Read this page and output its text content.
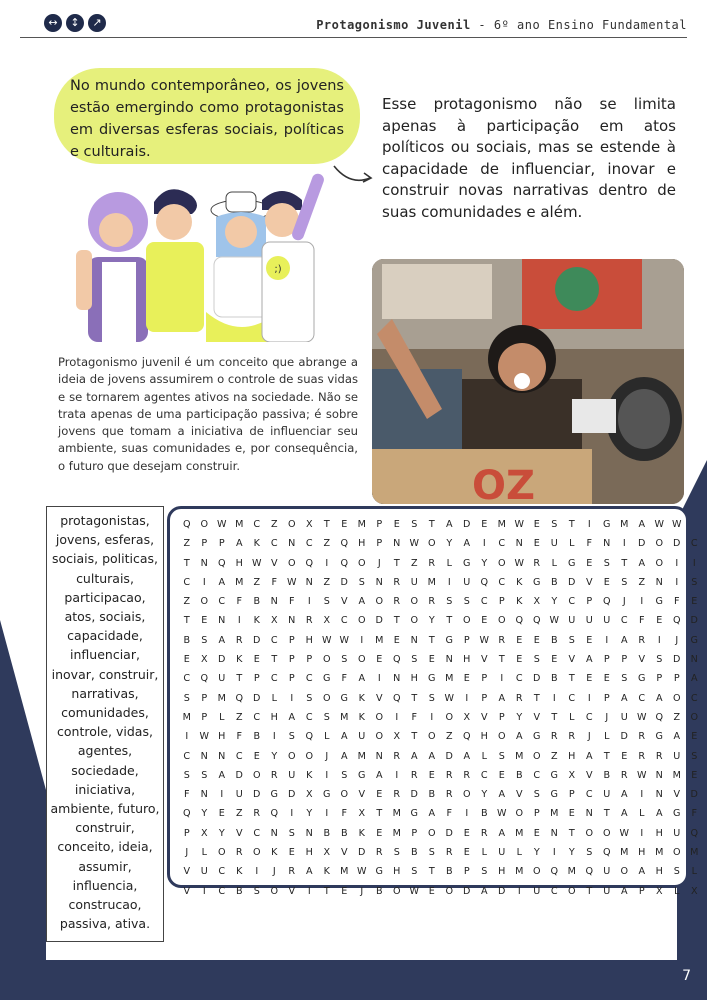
↔	↕	↗	Protagonismo Juvenil - 6º ano Ensino Fundamental
No mundo contemporâneo, os jovens estão emergindo como protagonistas em diversas esferas sociais, políticas e culturais.
Esse protagonismo não se limita apenas à participação em atos políticos ou sociais, mas se estende à capacidade de influenciar, inovar e construir novas narrativas dentro de suas comunidades e além.
;)
OZ
Protagonismo juvenil é um conceito que abrange a ideia de jovens assumirem o controle de suas vidas e se tornarem agentes ativos na sociedade. Não se trata apenas de uma participação passiva; é sobre jovens que tomam a iniciativa de influenciar seu ambiente, suas comunidades e, por consequência, o futuro que desejam construir.
7
protagonistas,
jovens, esferas,
sociais, politicas,
culturais,
participacao,
atos, sociais,
capacidade,
influenciar,
inovar, construir,
narrativas,
comunidades,
controle, vidas,
agentes,
sociedade,
iniciativa,
ambiente, futuro,
construir,
conceito, ideia,
assumir,
influencia,
construcao,
passiva, ativa.
Q	O W M	C	Z	O	X	T	E	M	P	E	S	T	A	D	E	M W	E	S	T	I	G	M	A W W
Z	P	P	A	K	C	N	C	Z	Q	H	P	N W O	Y	A	I	C	N	E	U	L	F	N	I	D	O	D	C
T	N	Q	H W V	O	Q	I	Q	O	J	T	Z	R	L	G	Y	O W R	L	G	E	S	T	A	O	I	I
C	I	A	M	Z	F	W N	Z	D	S	N	R	U	M	I	U	Q	C	K	G	B	D	V	E	S	Z	N	I	S
Z	O	C	F	B	N	F	I	S	V	A	O	R	O	R	S	S	C	P	K	X	Y	C	P	Q	J	I	G	F	E
T	E	N	I	K	X	N	R	X	C	O	D	T	O	Y	T	O	E	O	Q	Q W U	U	U	C	F	E	Q	D
B	S	A	R	D	C	P	H W W	I	M	E	N	T	G	P	W R	E	E	B	S	E	I	A	R	I	J	G
E	X	D	K	E	T	P	P	O	S	O	E	Q	S	E	N	H	V	T	E	S	E	V	A	P	P	V	S	D	N
C	Q	U	T	P	C	P	C	G	F	A	I	N	H	G	M	E	P	I	C	D	B	T	E	E	S	G	P	P	A
S	P	M Q	D	L	I	S	O	G	K	V	Q	T	S	W	I	P	A	R	T	I	C	I	P	A	C	A	O	C
M	P	L	Z	C	H	A	C	S	M	K	O	I	F	I	O	X	V	P	Y	V	T	L	C	J	U W Q	Z	O
I	W H	F	B	I	S	Q	L	A	U	O	X	T	O	Z	Q	H	O	A	G	R	R	J	L	D	R	G	A	E
C	N	N	C	E	Y	O	O	J	A	M	N	R	A	A	D	A	L	S	M O	Z	H	A	T	E	R	R	U	S
S	S	A	D	O	R	U	K	I	S	G	A	I	R	E	R	R	C	E	B	C	G	X	V	B	R W N	M	E
F	N	I	U	D	G	D	X	G	O	V	E	R	D	B	R	O	Y	A	V	S	G	P	C	U	A	I	N	V	D
Q	Y	E	Z	R	Q	I	Y	I	F	X	T	M	G	A	F	I	B W O	P	M	E	N	T	A	L	A	G	F
P	X	Y	V	C	N	S	N	B	B	K	E	M	P	O	D	E	R	A	M	E	N	T	O	O W	I	H	U	Q
J	L	O	R	O	K	E	H	X	V	D	R	S	B	S	R	E	L	U	L	Y	I	Y	S	Q M	H	M O M
V	U	C	K	I	J	R	A	K	M W G	H	S	T	B	P	S	H	M O	Q M Q	U	O	A	H	S	L
V	I	C	B	S	O	V	I	T	E	J	B	O W	E	O	D	A	D	I	U	C	O	T	U	A	P	X	L	X
